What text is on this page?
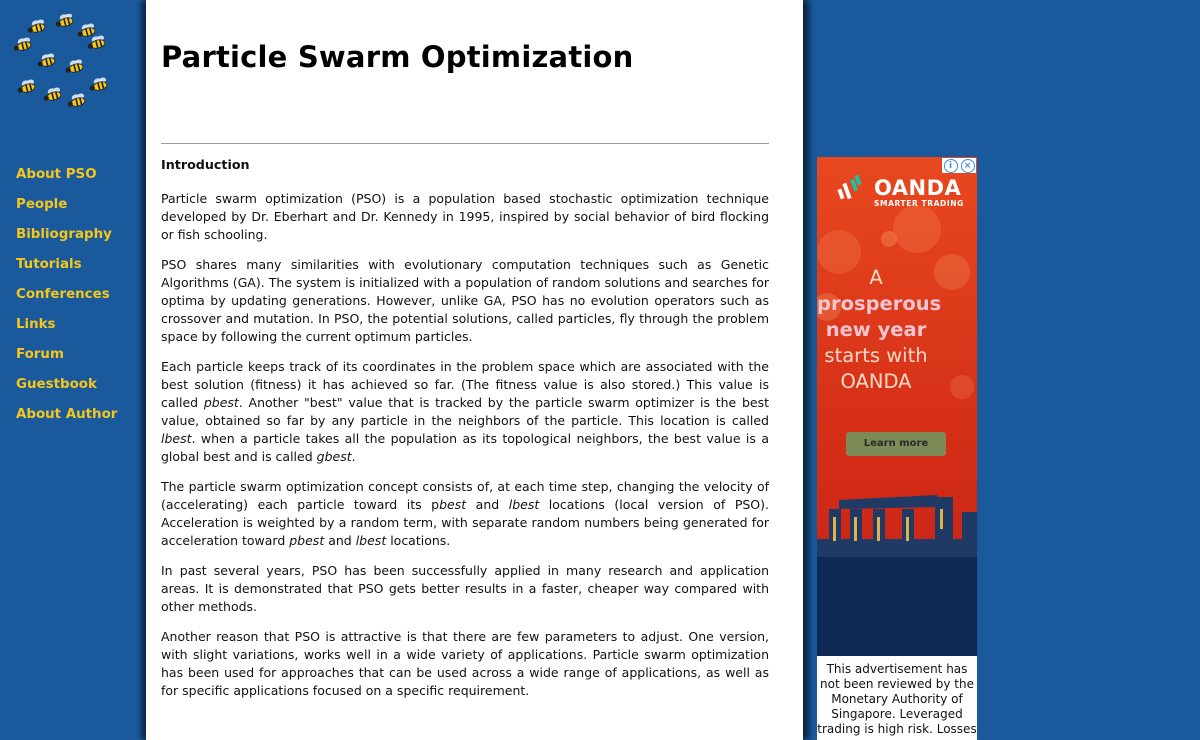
About PSO
People
Bibliography
Tutorials
Conferences
Links
Forum
Guestbook
About Author
Particle Swarm Optimization
Introduction

Particle swarm optimization (PSO) is a population based stochastic optimization technique developed by Dr. Eberhart and Dr. Kennedy in 1995, inspired by social behavior of bird flocking or fish schooling.

PSO shares many similarities with evolutionary computation techniques such as Genetic Algorithms (GA). The system is initialized with a population of random solutions and searches for optima by updating generations. However, unlike GA, PSO has no evolution operators such as crossover and mutation. In PSO, the potential solutions, called particles, fly through the problem space by following the current optimum particles.

Each particle keeps track of its coordinates in the problem space which are associated with the best solution (fitness) it has achieved so far. (The fitness value is also stored.) This value is called pbest. Another "best" value that is tracked by the particle swarm optimizer is the best value, obtained so far by any particle in the neighbors of the particle. This location is called lbest. when a particle takes all the population as its topological neighbors, the best value is a global best and is called gbest.

The particle swarm optimization concept consists of, at each time step, changing the velocity of (accelerating) each particle toward its pbest and lbest locations (local version of PSO). Acceleration is weighted by a random term, with separate random numbers being generated for acceleration toward pbest and lbest locations.

In past several years, PSO has been successfully applied in many research and application areas. It is demonstrated that PSO gets better results in a faster, cheaper way compared with other methods.

Another reason that PSO is attractive is that there are few parameters to adjust. One version, with slight variations, works well in a wide variety of applications. Particle swarm optimization has been used for approaches that can be used across a wide range of applications, as well as for specific applications focused on a specific requirement.

i	×
OANDA
SMARTER TRADING
A
prosperous
new year
starts with
OANDA
Learn more
This advertisement has not been reviewed by the Monetary Authority of Singapore. Leveraged trading is high risk. Losses
